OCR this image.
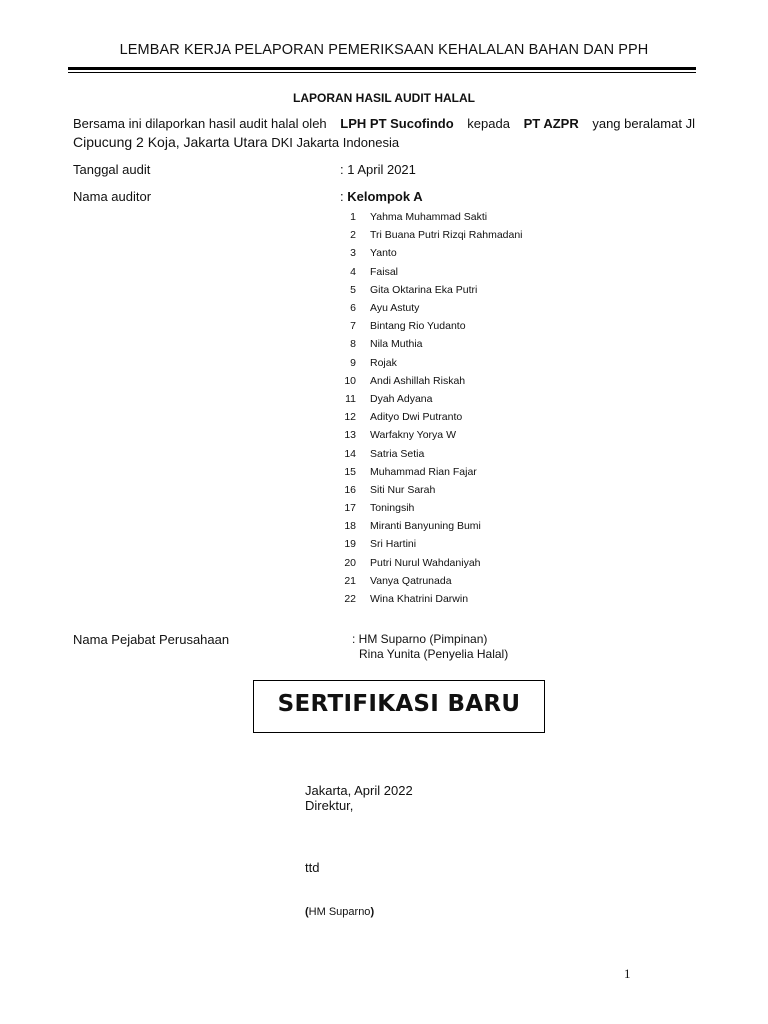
LEMBAR KERJA PELAPORAN PEMERIKSAAN KEHALALAN BAHAN DAN PPH
LAPORAN HASIL AUDIT HALAL
Bersama ini dilaporkan hasil audit halal oleh LPH PT Sucofindo kepada PT AZPR yang beralamat Jl
Cipucung 2 Koja, Jakarta Utara DKI Jakarta Indonesia
Tanggal audit	: 1 April 2021
Nama auditor	: Kelompok A
1 Yahma Muhammad Sakti
2 Tri Buana Putri Rizqi Rahmadani
3 Yanto
4 Faisal
5 Gita Oktarina Eka Putri
6 Ayu Astuty
7 Bintang Rio Yudanto
8 Nila Muthia
9 Rojak
10 Andi Ashillah Riskah
11 Dyah Adyana
12 Adityo Dwi Putranto
13 Warfakny Yorya W
14 Satria Setia
15 Muhammad Rian Fajar
16 Siti Nur Sarah
17 Toningsih
18 Miranti Banyuning Bumi
19 Sri Hartini
20 Putri Nurul Wahdaniyah
21 Vanya Qatrunada
22 Wina Khatrini Darwin
Nama Pejabat Perusahaan	: HM Suparno (Pimpinan)
Rina Yunita (Penyelia Halal)
SERTIFIKASI BARU
Jakarta, April 2022
Direktur,
ttd
(HM Suparno)
1
